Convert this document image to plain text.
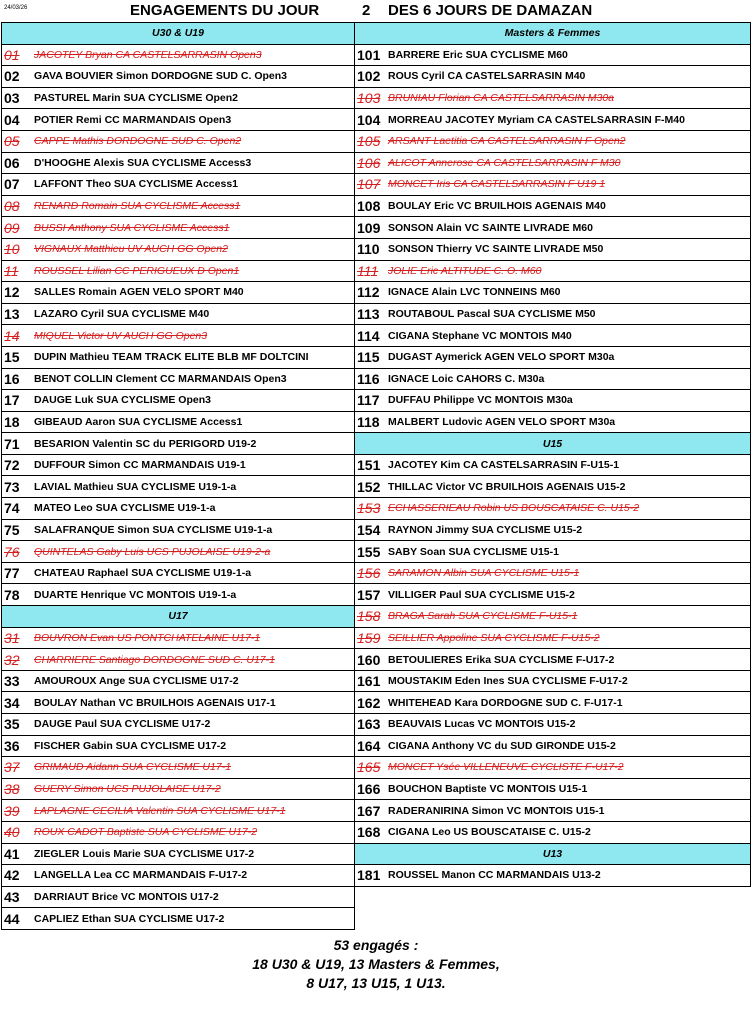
24/03/26	ENGAGEMENTS DU JOUR	2 DES 6 JOURS DE DAMAZAN
U30 & U19
01	JACOTEY Bryan CA CASTELSARRASIN Open3
02	GAVA BOUVIER Simon DORDOGNE SUD C. Open3
03	PASTUREL Marin SUA CYCLISME Open2
04	POTIER Remi CC MARMANDAIS Open3
05	CAPPE Mathis DORDOGNE SUD C. Open2
06	D'HOOGHE Alexis SUA CYCLISME Access3
07	LAFFONT Theo SUA CYCLISME Access1
08	RENARD Romain SUA CYCLISME Access1
09	BUSSI Anthony SUA CYCLISME Access1
10	VIGNAUX Matthieu UV AUCH GG Open2
11	ROUSSEL Lilian CC PERIGUEUX D Open1
12	SALLES Romain AGEN VELO SPORT M40
13	LAZARO Cyril SUA CYCLISME M40
14	MIQUEL Victor UV AUCH GG Open3
15	DUPIN Mathieu TEAM TRACK ELITE BLB MF DOLTCINI
16	BENOT COLLIN Clement CC MARMANDAIS Open3
17	DAUGE Luk SUA CYCLISME Open3
18	GIBEAUD Aaron SUA CYCLISME Access1
71	BESARION Valentin SC du PERIGORD U19-2
72	DUFFOUR Simon CC MARMANDAIS U19-1
73	LAVIAL Mathieu SUA CYCLISME U19-1-a
74	MATEO Leo SUA CYCLISME U19-1-a
75	SALAFRANQUE Simon SUA CYCLISME U19-1-a
76	QUINTELAS Gaby Luis UCS PUJOLAISE U19-2-a
77	CHATEAU Raphael SUA CYCLISME U19-1-a
78	DUARTE Henrique VC MONTOIS U19-1-a
U17
31	BOUVRON Evan US PONTCHATELAINE U17-1
32	CHARRIERE Santiago DORDOGNE SUD C. U17-1
33	AMOUROUX Ange SUA CYCLISME U17-2
34	BOULAY Nathan VC BRUILHOIS AGENAIS U17-1
35	DAUGE Paul SUA CYCLISME U17-2
36	FISCHER Gabin SUA CYCLISME U17-2
37	GRIMAUD Aidann SUA CYCLISME U17-1
38	GUERY Simon UCS PUJOLAISE U17-2
39	LAPLAGNE CECILIA Valentin SUA CYCLISME U17-1
40	ROUX CADOT Baptiste SUA CYCLISME U17-2
41	ZIEGLER Louis Marie SUA CYCLISME U17-2
42	LANGELLA Lea CC MARMANDAIS F-U17-2
43	DARRIAUT Brice VC MONTOIS U17-2
44	CAPLIEZ Ethan SUA CYCLISME U17-2
Masters & Femmes
101 BARRERE Eric SUA CYCLISME M60
102 ROUS Cyril CA CASTELSARRASIN M40
103 BRUNIAU Florian CA CASTELSARRASIN M30a
104 MORREAU JACOTEY Myriam CA CASTELSARRASIN F-M40
105 ARSANT Laetitia CA CASTELSARRASIN F Open2
106 ALICOT Annerose CA CASTELSARRASIN F M30
107 MONCET Iris CA CASTELSARRASIN F U19 1
108 BOULAY Eric VC BRUILHOIS AGENAIS M40
109 SONSON Alain VC SAINTE LIVRADE M60
110 SONSON Thierry VC SAINTE LIVRADE M50
111 JOLIE Eric ALTITUDE C. O. M60
112 IGNACE Alain LVC TONNEINS M60
113 ROUTABOUL Pascal SUA CYCLISME M50
114 CIGANA Stephane VC MONTOIS M40
115 DUGAST Aymerick AGEN VELO SPORT M30a
116 IGNACE Loic CAHORS C. M30a
117 DUFFAU Philippe VC MONTOIS M30a
118 MALBERT Ludovic AGEN VELO SPORT M30a
U15
151 JACOTEY Kim CA CASTELSARRASIN F-U15-1
152 THILLAC Victor VC BRUILHOIS AGENAIS U15-2
153 ECHASSERIEAU Robin US BOUSCATAISE C. U15-2
154 RAYNON Jimmy SUA CYCLISME U15-2
155 SABY Soan SUA CYCLISME U15-1
156 SARAMON Albin SUA CYCLISME U15-1
157 VILLIGER Paul SUA CYCLISME U15-2
158 BRAGA Sarah SUA CYCLISME F-U15-1
159 SEILLIER Appoline SUA CYCLISME F-U15-2
160 BETOULIERES Erika SUA CYCLISME F-U17-2
161 MOUSTAKIM Eden Ines SUA CYCLISME F-U17-2
162 WHITEHEAD Kara DORDOGNE SUD C. F-U17-1
163 BEAUVAIS Lucas VC MONTOIS U15-2
164 CIGANA Anthony VC du SUD GIRONDE U15-2
165 MONCET Ysée VILLENEUVE CYCLISTE F-U17-2
166 BOUCHON Baptiste VC MONTOIS U15-1
167 RADERANIRINA Simon VC MONTOIS U15-1
168 CIGANA Leo US BOUSCATAISE C. U15-2
U13
181 ROUSSEL Manon CC MARMANDAIS U13-2
53 engagés :
18 U30 & U19, 13 Masters & Femmes,
8 U17, 13 U15, 1 U13.
